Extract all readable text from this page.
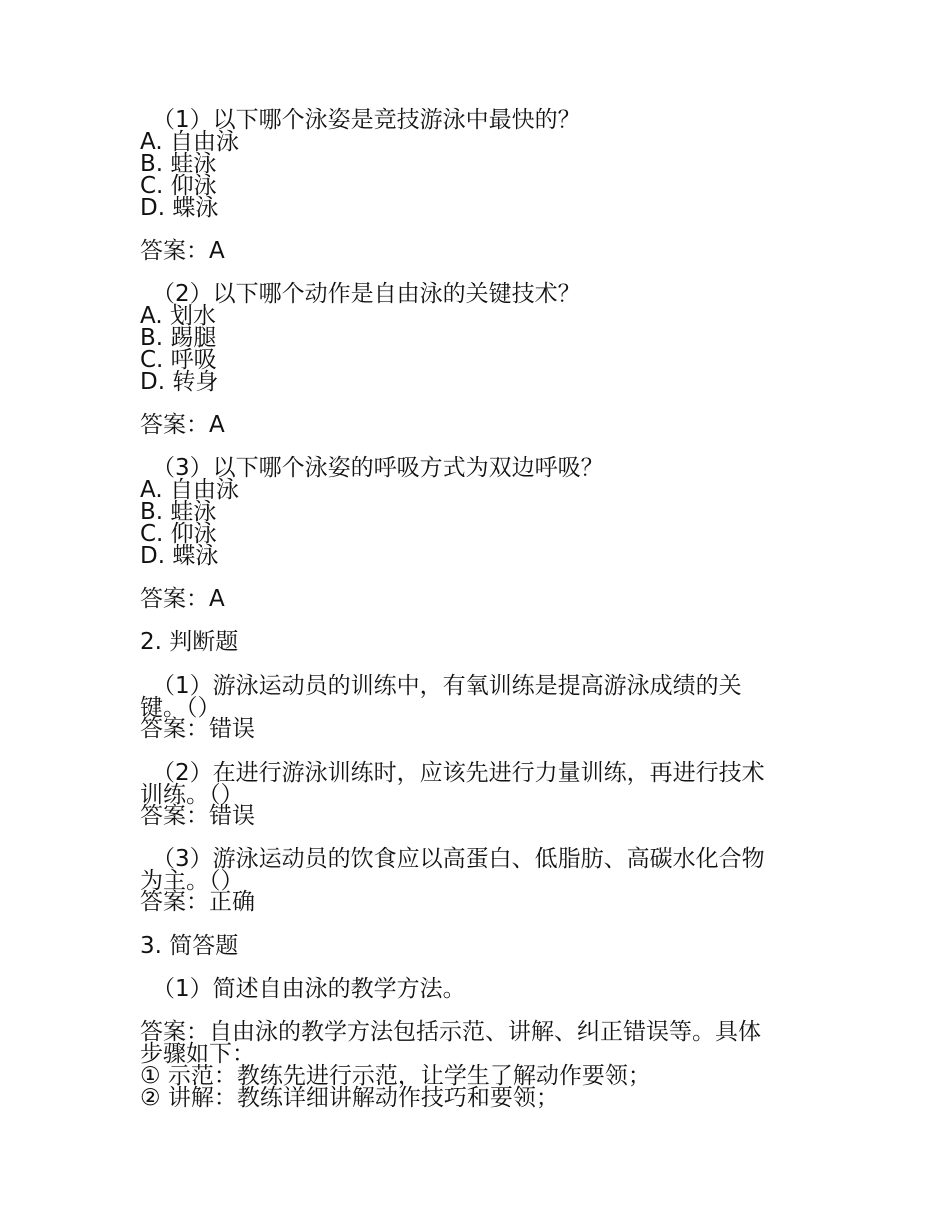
（1）以下哪个泳姿是竞技游泳中最快的？
A. 自由泳
B. 蛙泳
C. 仰泳
D. 蝶泳
答案：A
（2）以下哪个动作是自由泳的关键技术？
A. 划水
B. 踢腿
C. 呼吸
D. 转身
答案：A
（3）以下哪个泳姿的呼吸方式为双边呼吸？
A. 自由泳
B. 蛙泳
C. 仰泳
D. 蝶泳
答案：A
2. 判断题
（1）游泳运动员的训练中，有氧训练是提高游泳成绩的关
键。（）
答案：错误
（2）在进行游泳训练时，应该先进行力量训练，再进行技术
训练。（）
答案：错误
（3）游泳运动员的饮食应以高蛋白、低脂肪、高碳水化合物
为主。（）
答案：正确
3. 简答题
（1）简述自由泳的教学方法。
答案：自由泳的教学方法包括示范、讲解、纠正错误等。具体
步骤如下：
① 示范：教练先进行示范，让学生了解动作要领；
② 讲解：教练详细讲解动作技巧和要领；
